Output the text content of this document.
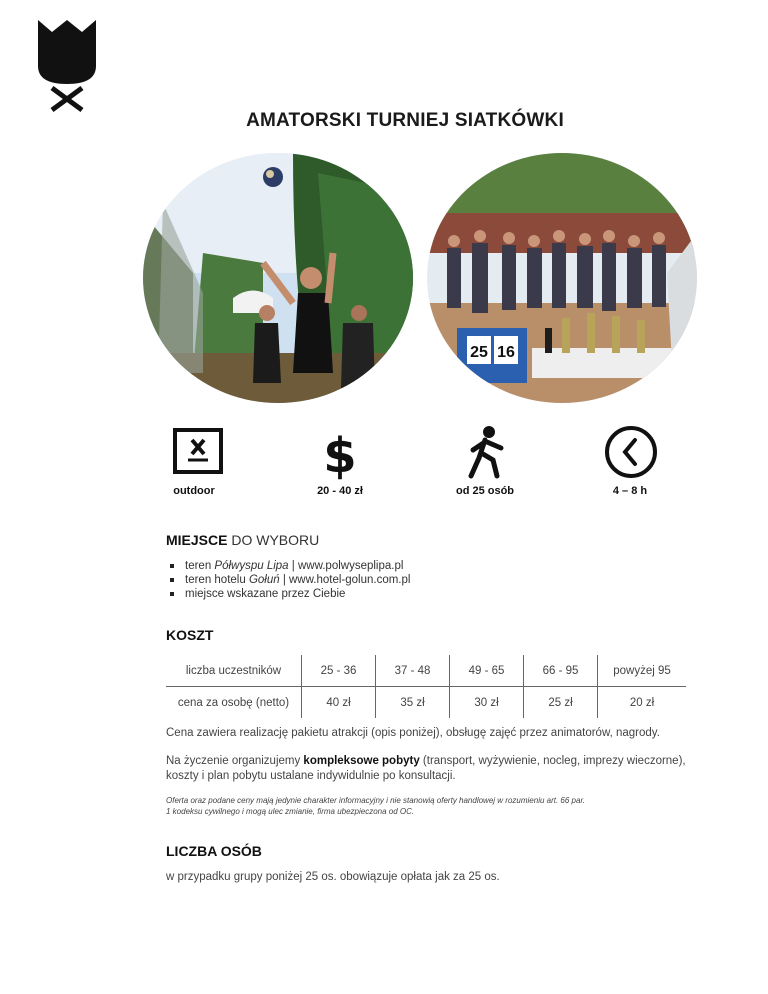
AMATORSKI TURNIEJ SIATKÓWKI
25 16
outdoor
$
20 - 40 zł	od 25 osób	4 – 8 h
MIEJSCE DO WYBORU
teren Półwyspu Lipa | www.polwyseplipa.pl
teren hotelu Gołuń | www.hotel-golun.com.pl
miejsce wskazane przez Ciebie
KOSZT
liczba uczestników	25 - 36	37 - 48	49 - 65	66 - 95	powyżej 95
cena za osobę (netto)	40 zł	35 zł	30 zł	25 zł	20 zł
Cena zawiera realizację pakietu atrakcji (opis poniżej), obsługę zajęć przez animatorów, nagrody.
Na życzenie organizujemy kompleksowe pobyty (transport, wyżywienie, nocleg, imprezy wieczorne), koszty i plan pobytu ustalane indywidulnie po konsultacji.
Oferta oraz podane ceny mają jedynie charakter informacyjny i nie stanowią oferty handlowej w rozumieniu art. 66 par. 1 kodeksu cywilnego i mogą ulec zmianie, firma ubezpieczona od OC.
LICZBA OSÓB
w przypadku grupy poniżej 25 os. obowiązuje opłata jak za 25 os.
